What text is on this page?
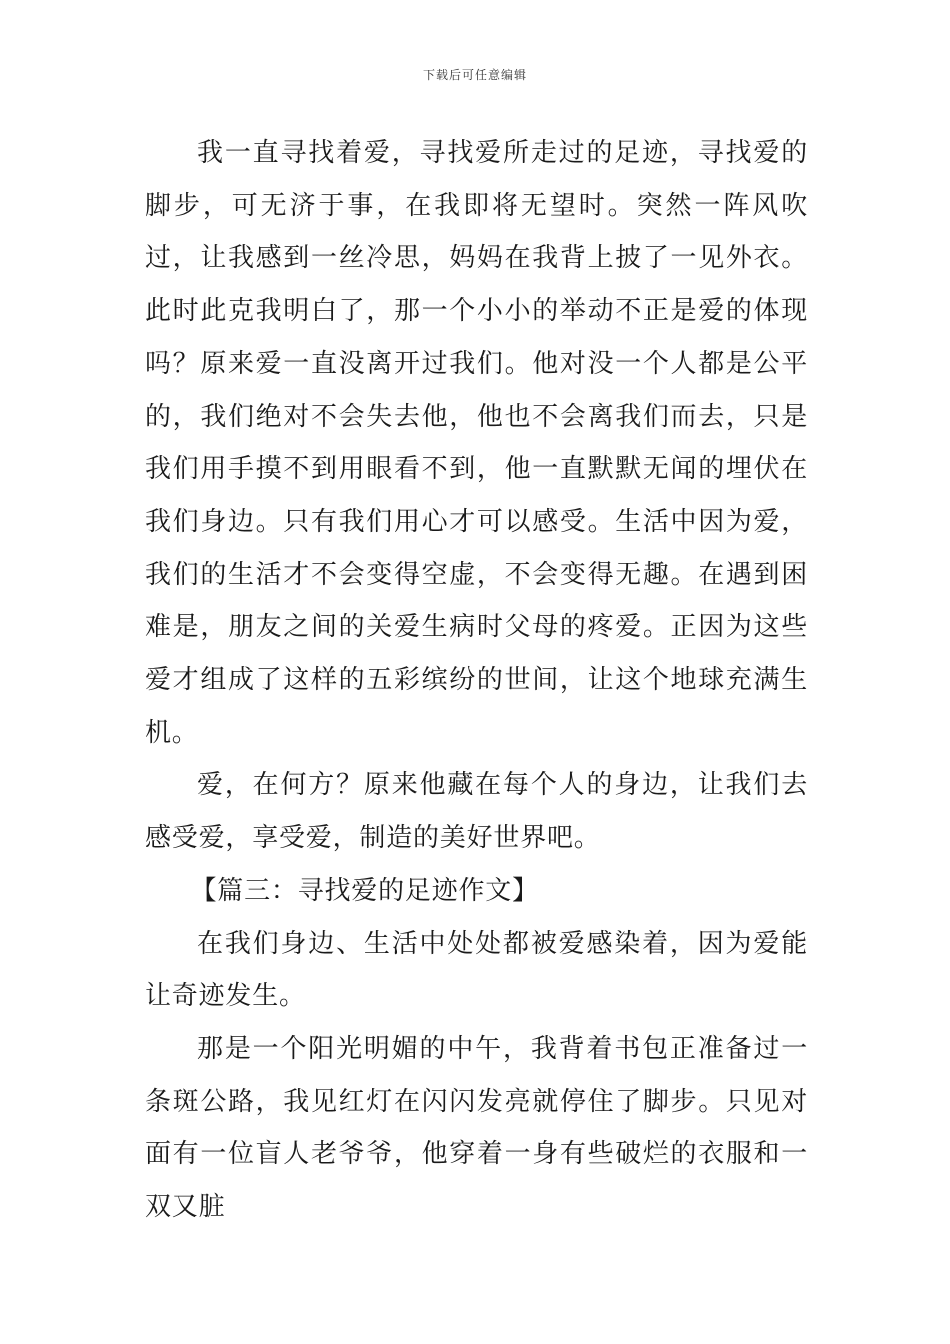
下载后可任意编辑

我一直寻找着爱，寻找爱所走过的足迹，寻找爱的脚步，可无济于事，在我即将无望时。突然一阵风吹过，让我感到一丝冷思，妈妈在我背上披了一见外衣。此时此克我明白了，那一个小小的举动不正是爱的体现吗？原来爱一直没离开过我们。他对没一个人都是公平的，我们绝对不会失去他，他也不会离我们而去，只是我们用手摸不到用眼看不到，他一直默默无闻的埋伏在我们身边。只有我们用心才可以感受。生活中因为爱，我们的生活才不会变得空虚，不会变得无趣。在遇到困难是，朋友之间的关爱生病时父母的疼爱。正因为这些爱才组成了这样的五彩缤纷的世间，让这个地球充满生机。

爱，在何方？原来他藏在每个人的身边，让我们去感受爱，享受爱，制造的美好世界吧。

【篇三：寻找爱的足迹作文】

在我们身边、生活中处处都被爱感染着，因为爱能让奇迹发生。

那是一个阳光明媚的中午，我背着书包正准备过一条斑公路，我见红灯在闪闪发亮就停住了脚步。只见对面有一位盲人老爷爷，他穿着一身有些破烂的衣服和一双又脏
